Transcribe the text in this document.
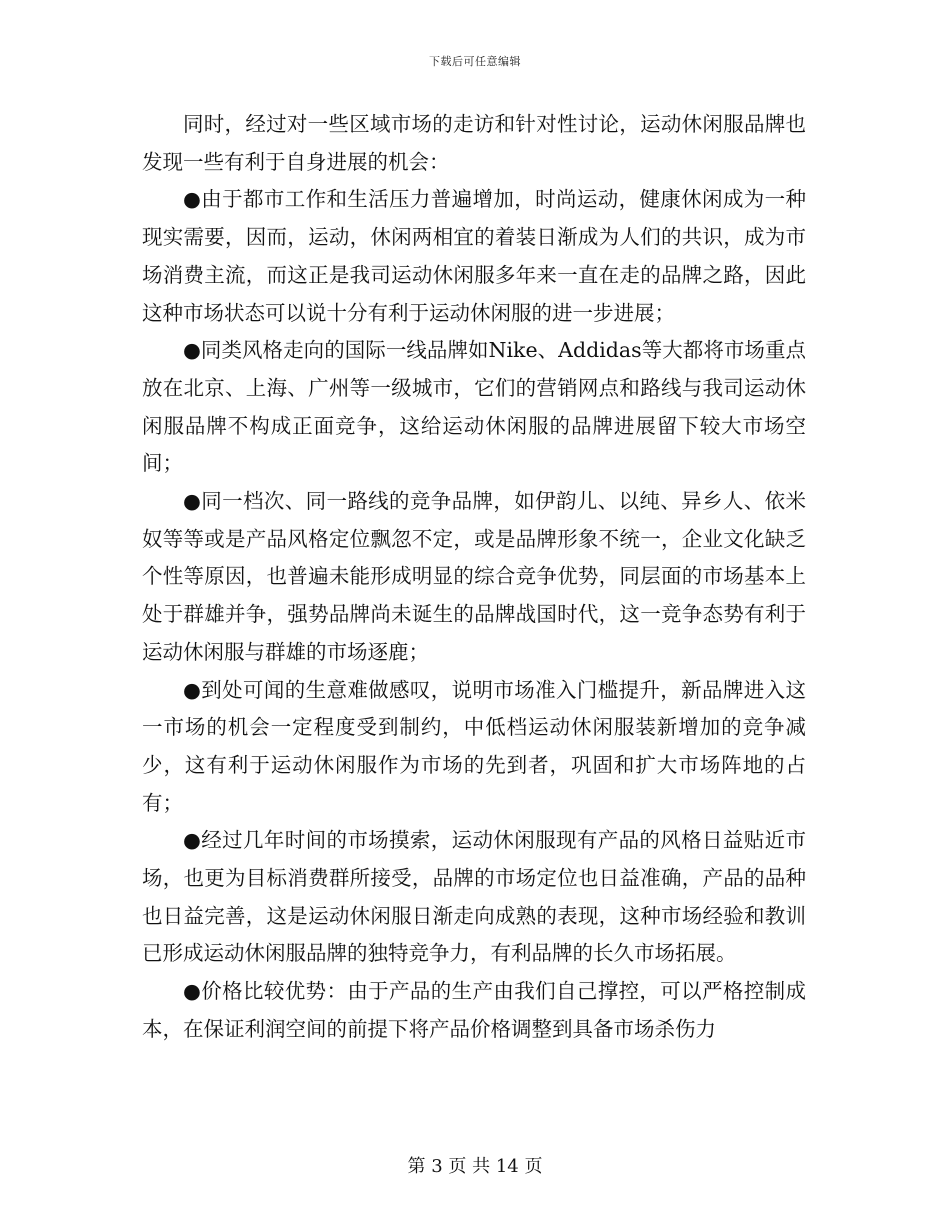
下载后可任意编辑

同时，经过对一些区域市场的走访和针对性讨论，运动休闲服品牌也发现一些有利于自身进展的机会：

●由于都市工作和生活压力普遍增加，时尚运动，健康休闲成为一种现实需要，因而，运动，休闲两相宜的着装日渐成为人们的共识，成为市场消费主流，而这正是我司运动休闲服多年来一直在走的品牌之路，因此这种市场状态可以说十分有利于运动休闲服的进一步进展；

●同类风格走向的国际一线品牌如Nike、Addidas等大都将市场重点放在北京、上海、广州等一级城市，它们的营销网点和路线与我司运动休闲服品牌不构成正面竞争，这给运动休闲服的品牌进展留下较大市场空间；

●同一档次、同一路线的竞争品牌，如伊韵儿、以纯、异乡人、依米奴等等或是产品风格定位飘忽不定，或是品牌形象不统一，企业文化缺乏个性等原因，也普遍未能形成明显的综合竞争优势，同层面的市场基本上处于群雄并争，强势品牌尚未诞生的品牌战国时代，这一竞争态势有利于运动休闲服与群雄的市场逐鹿；

●到处可闻的生意难做感叹，说明市场准入门槛提升，新品牌进入这一市场的机会一定程度受到制约，中低档运动休闲服装新增加的竞争减少，这有利于运动休闲服作为市场的先到者，巩固和扩大市场阵地的占有；

●经过几年时间的市场摸索，运动休闲服现有产品的风格日益贴近市场，也更为目标消费群所接受，品牌的市场定位也日益准确，产品的品种也日益完善，这是运动休闲服日渐走向成熟的表现，这种市场经验和教训已形成运动休闲服品牌的独特竞争力，有利品牌的长久市场拓展。

●价格比较优势：由于产品的生产由我们自己撑控，可以严格控制成本，在保证利润空间的前提下将产品价格调整到具备市场杀伤力

第 3 页 共 14 页
